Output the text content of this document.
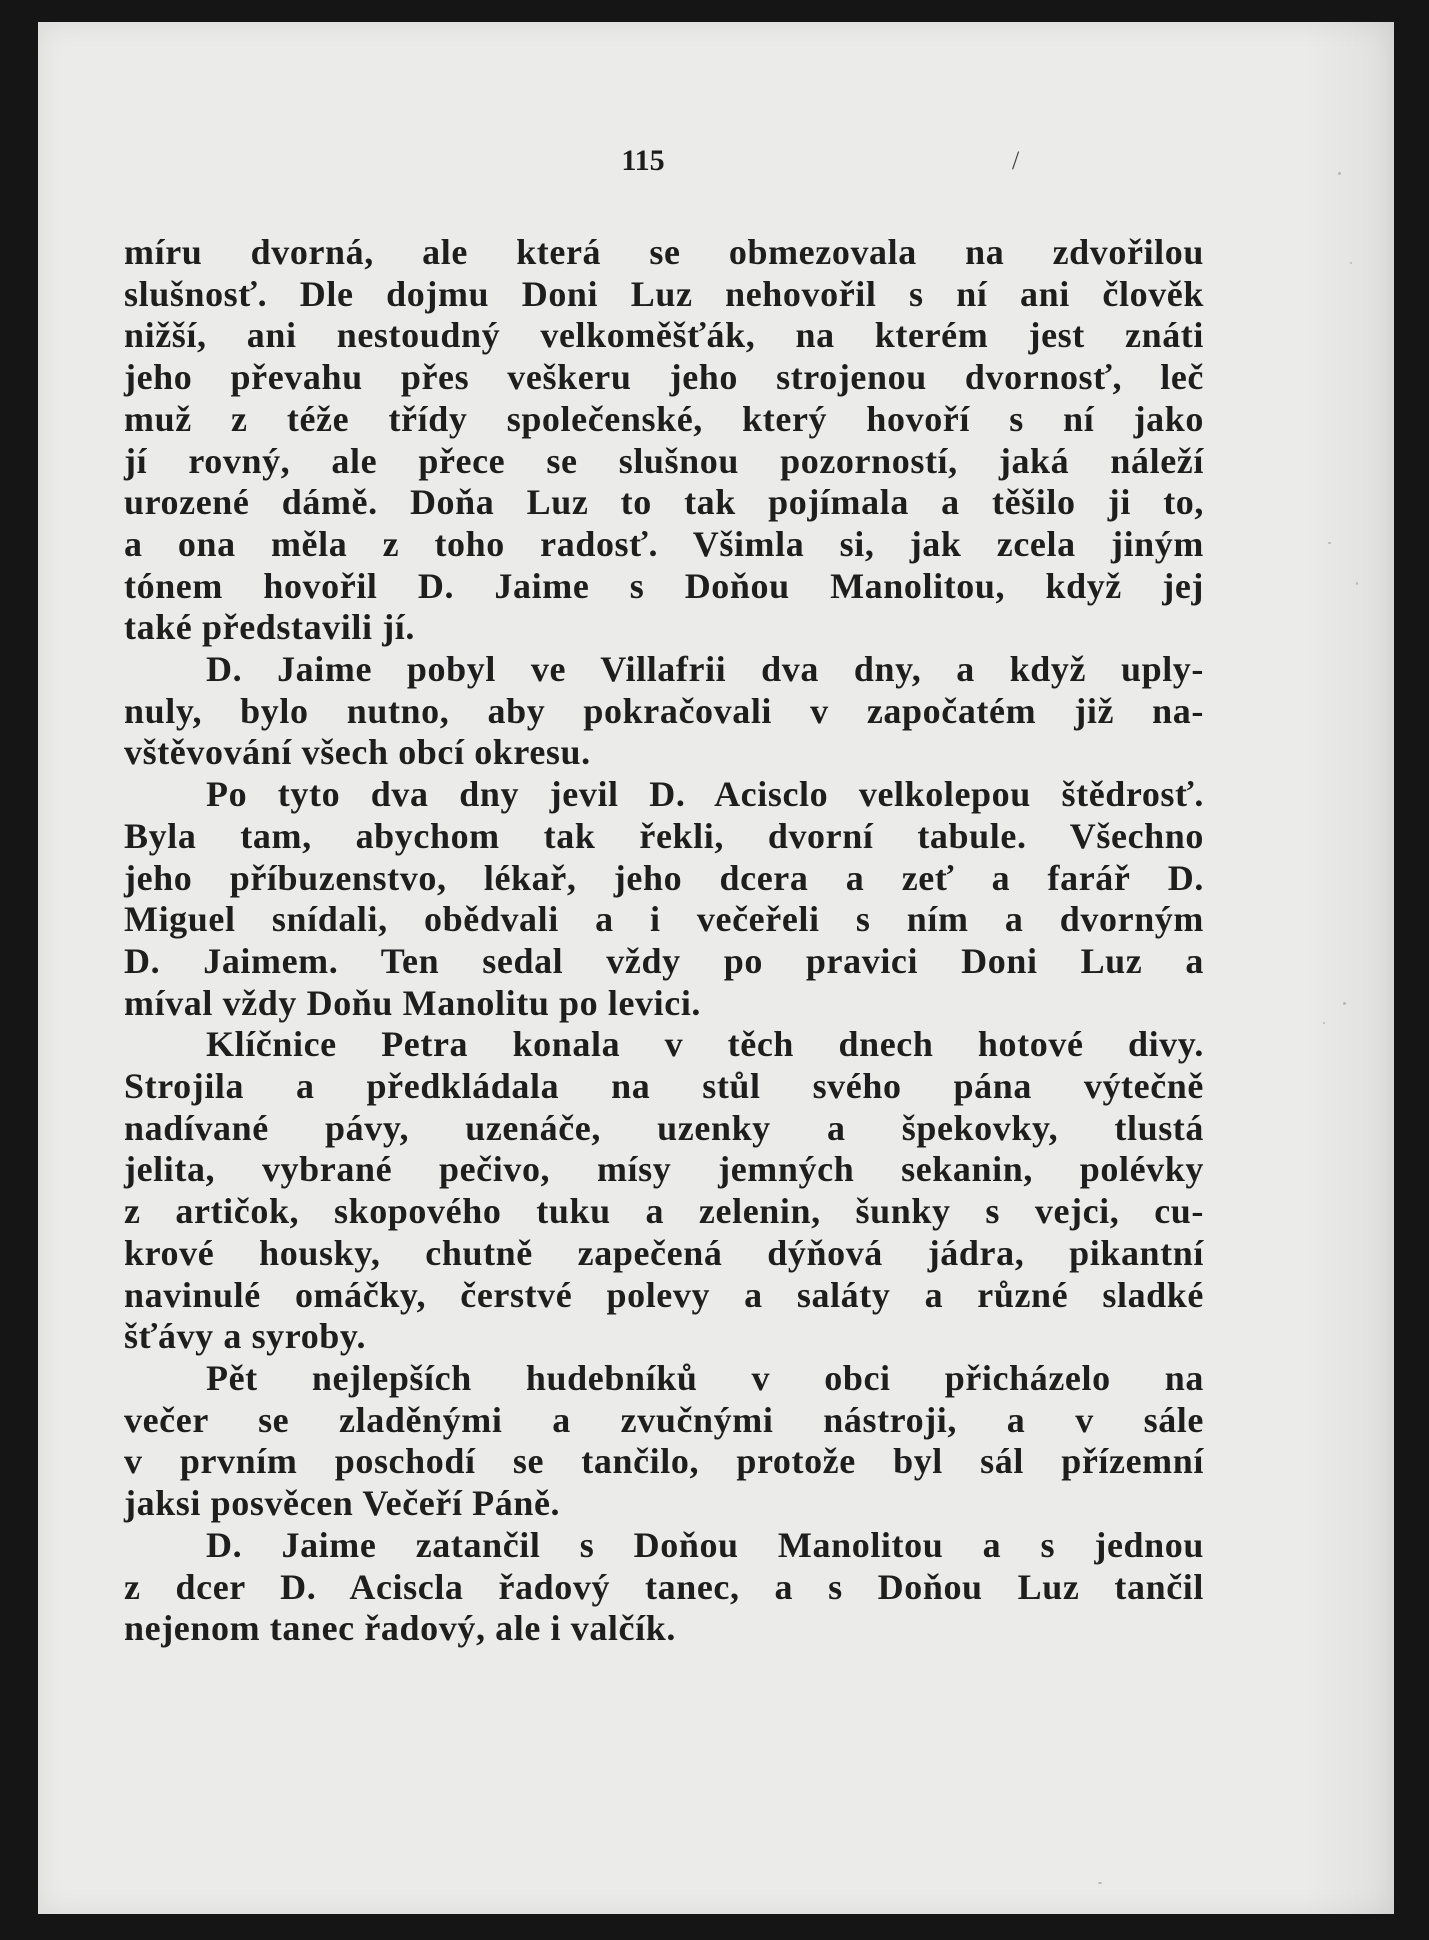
115	/
míru dvorná, ale která se obmezovala na zdvořilou
slušnosť. Dle dojmu Doni Luz nehovořil s ní ani člověk
nižší, ani nestoudný velkoměšťák, na kterém jest znáti
jeho převahu přes veškeru jeho strojenou dvornosť, leč
muž z téže třídy společenské, který hovoří s ní jako
jí rovný, ale přece se slušnou pozorností, jaká náleží
urozené dámě. Doňa Luz to tak pojímala a těšilo ji to,
a ona měla z toho radosť. Všimla si, jak zcela jiným
tónem hovořil D. Jaime s Doňou Manolitou, když jej
také představili jí.
D. Jaime pobyl ve Villafrii dva dny, a když uply-
nuly, bylo nutno, aby pokračovali v započatém již na-
vštěvování všech obcí okresu.
Po tyto dva dny jevil D. Acisclo velkolepou štědrosť.
Byla tam, abychom tak řekli, dvorní tabule. Všechno
jeho příbuzenstvo, lékař, jeho dcera a zeť a farář D.
Miguel snídali, obědvali a i večeřeli s ním a dvorným
D. Jaimem. Ten sedal vždy po pravici Doni Luz a
míval vždy Doňu Manolitu po levici.
Klíčnice Petra konala v těch dnech hotové divy.
Strojila a předkládala na stůl svého pána výtečně
nadívané pávy, uzenáče, uzenky a špekovky, tlustá
jelita, vybrané pečivo, mísy jemných sekanin, polévky
z artičok, skopového tuku a zelenin, šunky s vejci, cu-
krové housky, chutně zapečená dýňová jádra, pikantní
navinulé omáčky, čerstvé polevy a saláty a různé sladké
šťávy a syroby.
Pět nejlepších hudebníků v obci přicházelo na
večer se zladěnými a zvučnými nástroji, a v sále
v prvním poschodí se tančilo, protože byl sál přízemní
jaksi posvěcen Večeří Páně.
D. Jaime zatančil s Doňou Manolitou a s jednou
z dcer D. Aciscla řadový tanec, a s Doňou Luz tančil
nejenom tanec řadový, ale i valčík.
